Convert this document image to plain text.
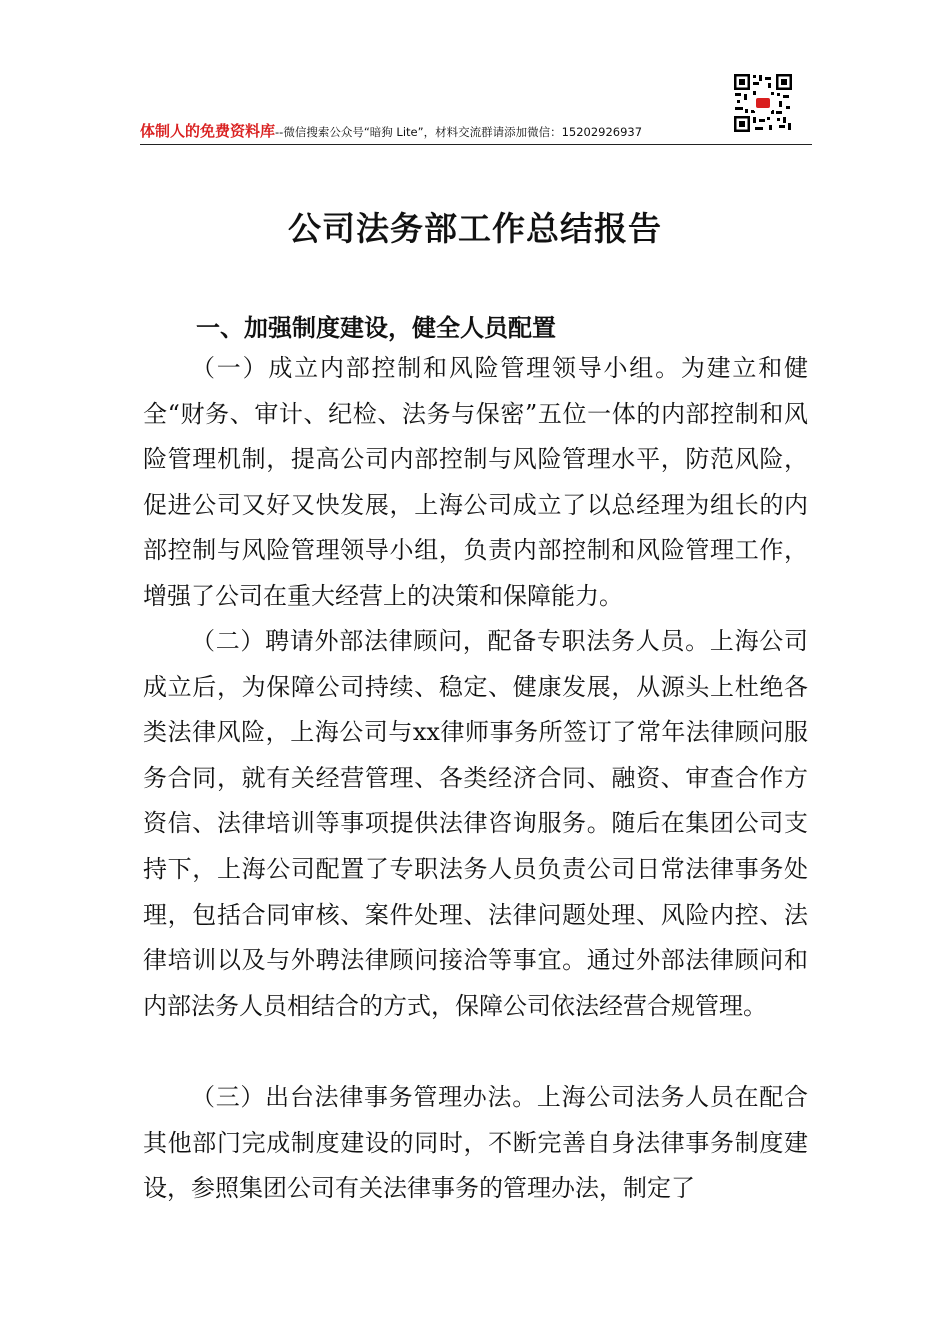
体制人的免费资料库--微信搜索公众号“暗狗 Lite”，材料交流群请添加微信：15202926937
公司法务部工作总结报告
一、加强制度建设，健全人员配置

（一）成立内部控制和风险管理领导小组。为建立和健全“财务、审计、纪检、法务与保密”五位一体的内部控制和风险管理机制，提高公司内部控制与风险管理水平，防范风险，促进公司又好又快发展，上海公司成立了以总经理为组长的内部控制与风险管理领导小组，负责内部控制和风险管理工作，增强了公司在重大经营上的决策和保障能力。

（二）聘请外部法律顾问，配备专职法务人员。上海公司成立后，为保障公司持续、稳定、健康发展，从源头上杜绝各类法律风险，上海公司与xx律师事务所签订了常年法律顾问服务合同，就有关经营管理、各类经济合同、融资、审查合作方资信、法律培训等事项提供法律咨询服务。随后在集团公司支持下，上海公司配置了专职法务人员负责公司日常法律事务处理，包括合同审核、案件处理、法律问题处理、风险内控、法律培训以及与外聘法律顾问接洽等事宜。通过外部法律顾问和内部法务人员相结合的方式，保障公司依法经营合规管理。

（三）出台法律事务管理办法。上海公司法务人员在配合其他部门完成制度建设的同时，不断完善自身法律事务制度建设，参照集团公司有关法律事务的管理办法，制定了
